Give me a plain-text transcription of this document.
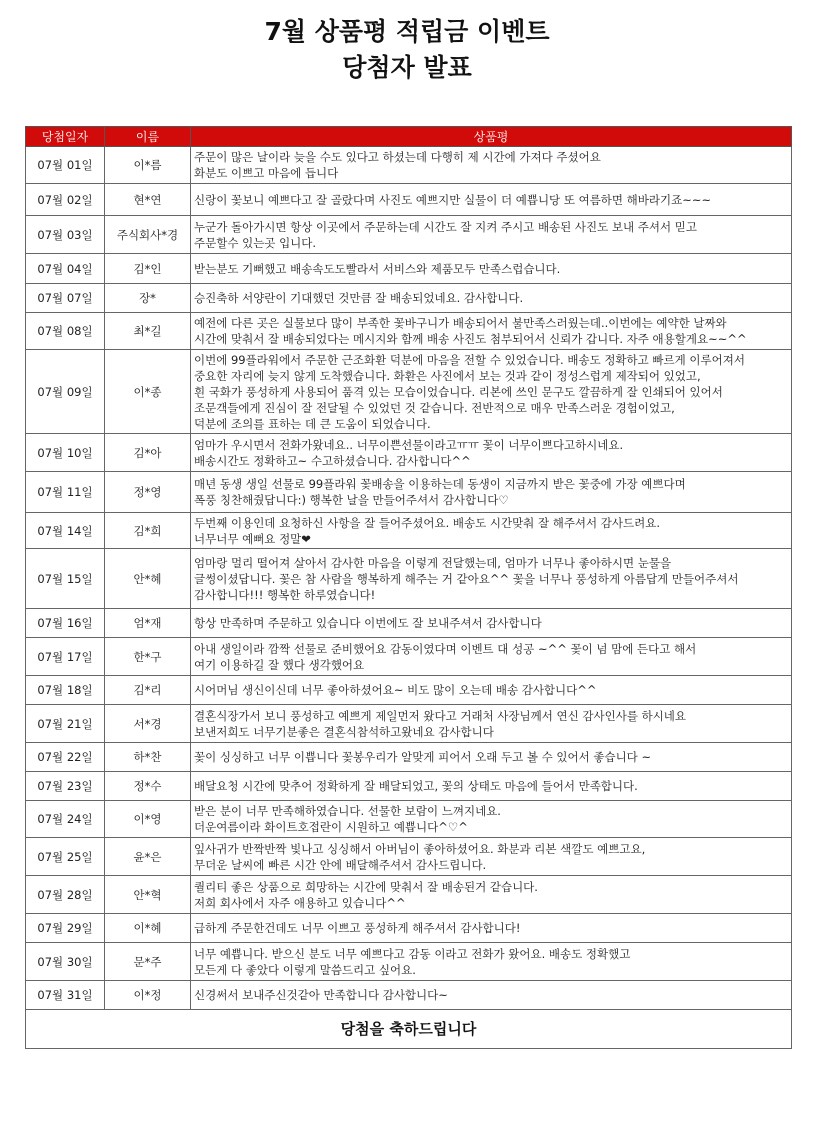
7월 상품평 적립금 이벤트
당첨자 발표
당첨일자	이름	상품평
07월 01일	이*름	주문이 많은 날이라 늦을 수도 있다고 하셨는데 다행히 제 시간에 가져다 주셨어요
화분도 이쁘고 마음에 듭니다
07월 02일	현*연	신랑이 꽃보니 예쁘다고 잘 골랐다며 사진도 예쁘지만 실물이 더 예쁩니당 또 여름하면 해바라기죠~~~
07월 03일	주식회사*경	누군가 돌아가시면 항상 이곳에서 주문하는데 시간도 잘 지켜 주시고 배송된 사진도 보내 주셔서 믿고
주문할수 있는곳 입니다.
07월 04일	김*인	받는분도 기뻐했고 배송속도도빨라서 서비스와 제품모두 만족스럽습니다.
07월 07일	장*	승진축하 서양란이 기대했던 것만큼 잘 배송되었네요. 감사합니다.
07월 08일	최*길	예전에 다른 곳은 실물보다 많이 부족한 꽃바구니가 배송되어서 불만족스러웠는데..이번에는 예약한 날짜와
시간에 맞춰서 잘 배송되었다는 메시지와 함께 배송 사진도 첨부되어서 신뢰가 갑니다. 자주 애용할게요~~^^
07월 09일	이*종	이번에 99플라워에서 주문한 근조화환 덕분에 마음을 전할 수 있었습니다. 배송도 정확하고 빠르게 이루어져서
중요한 자리에 늦지 않게 도착했습니다. 화환은 사진에서 보는 것과 같이 정성스럽게 제작되어 있었고,
흰 국화가 풍성하게 사용되어 품격 있는 모습이었습니다. 리본에 쓰인 문구도 깔끔하게 잘 인쇄되어 있어서
조문객들에게 진심이 잘 전달될 수 있었던 것 같습니다. 전반적으로 매우 만족스러운 경험이었고,
덕분에 조의를 표하는 데 큰 도움이 되었습니다.
07월 10일	김*아	엄마가 우시면서 전화가왔네요.. 너무이쁜선물이라고ㅠㅠ 꽃이 너무이쁘다고하시네요.
배송시간도 정확하고~ 수고하셨습니다. 감사합니다^^
07월 11일	정*영	매년 동생 생일 선물로 99플라워 꽃배송을 이용하는데 동생이 지금까지 받은 꽃중에 가장 예쁘다며
폭풍 칭찬해줬답니다:) 행복한 날을 만들어주셔서 감사합니다♡
07월 14일	김*희	두번째 이용인데 요청하신 사항을 잘 들어주셨어요. 배송도 시간맞춰 잘 해주셔서 감사드려요.
너무너무 예뻐요 정말❤
07월 15일	안*혜	엄마랑 멀리 떨어져 살아서 감사한 마음을 이렇게 전달했는데, 엄마가 너무나 좋아하시면 눈물을
글썽이셨답니다. 꽃은 참 사람을 행복하게 해주는 거 같아요^^ 꽃을 너무나 풍성하게 아름답게 만들어주셔서
감사합니다!!! 행복한 하루였습니다!
07월 16일	엄*재	항상 만족하며 주문하고 있습니다 이번에도 잘 보내주셔서 감사합니다
07월 17일	한*구	아내 생일이라 깜짝 선물로 준비했어요 감동이였다며 이벤트 대 성공 ~^^ 꽃이 넘 맘에 든다고 해서
여기 이용하길 잘 했다 생각했어요
07월 18일	김*리	시어머님 생신이신데 너무 좋아하셨어요~ 비도 많이 오는데 배송 감사합니다^^
07월 21일	서*경	결혼식장가서 보니 풍성하고 예쁘게 제일먼저 왔다고 거래처 사장님께서 연신 감사인사를 하시네요
보낸저희도 너무기분좋은 결혼식참석하고왔네요 감사합니다
07월 22일	하*찬	꽃이 싱싱하고 너무 이쁩니다 꽃봉우리가 알맞게 피어서 오래 두고 볼 수 있어서 좋습니다 ~
07월 23일	정*수	배달요청 시간에 맞추어 정확하게 잘 배달되었고, 꽃의 상태도 마음에 들어서 만족합니다.
07월 24일	이*영	받은 분이 너무 만족해하였습니다. 선물한 보람이 느껴지네요.
더운여름이라 화이트호접란이 시원하고 예쁩니다^♡^
07월 25일	윤*은	잎사귀가 반짝반짝 빛나고 싱싱해서 아버님이 좋아하셨어요. 화분과 리본 색깔도 예쁘고요,
무더운 날씨에 빠른 시간 안에 배달해주셔서 감사드립니다.
07월 28일	안*혁	퀄리티 좋은 상품으로 희망하는 시간에 맞춰서 잘 배송된거 같습니다.
저희 회사에서 자주 애용하고 있습니다^^
07월 29일	이*혜	급하게 주문한건데도 너무 이쁘고 풍성하게 해주셔서 감사합니다!
07월 30일	문*주	너무 예쁩니다. 받으신 분도 너무 예쁘다고 감동 이라고 전화가 왔어요. 배송도 정확했고
모든게 다 좋았다 이렇게 말씀드리고 싶어요.
07월 31일	이*정	신경써서 보내주신것같아 만족합니다 감사합니다~
당첨을 축하드립니다		
